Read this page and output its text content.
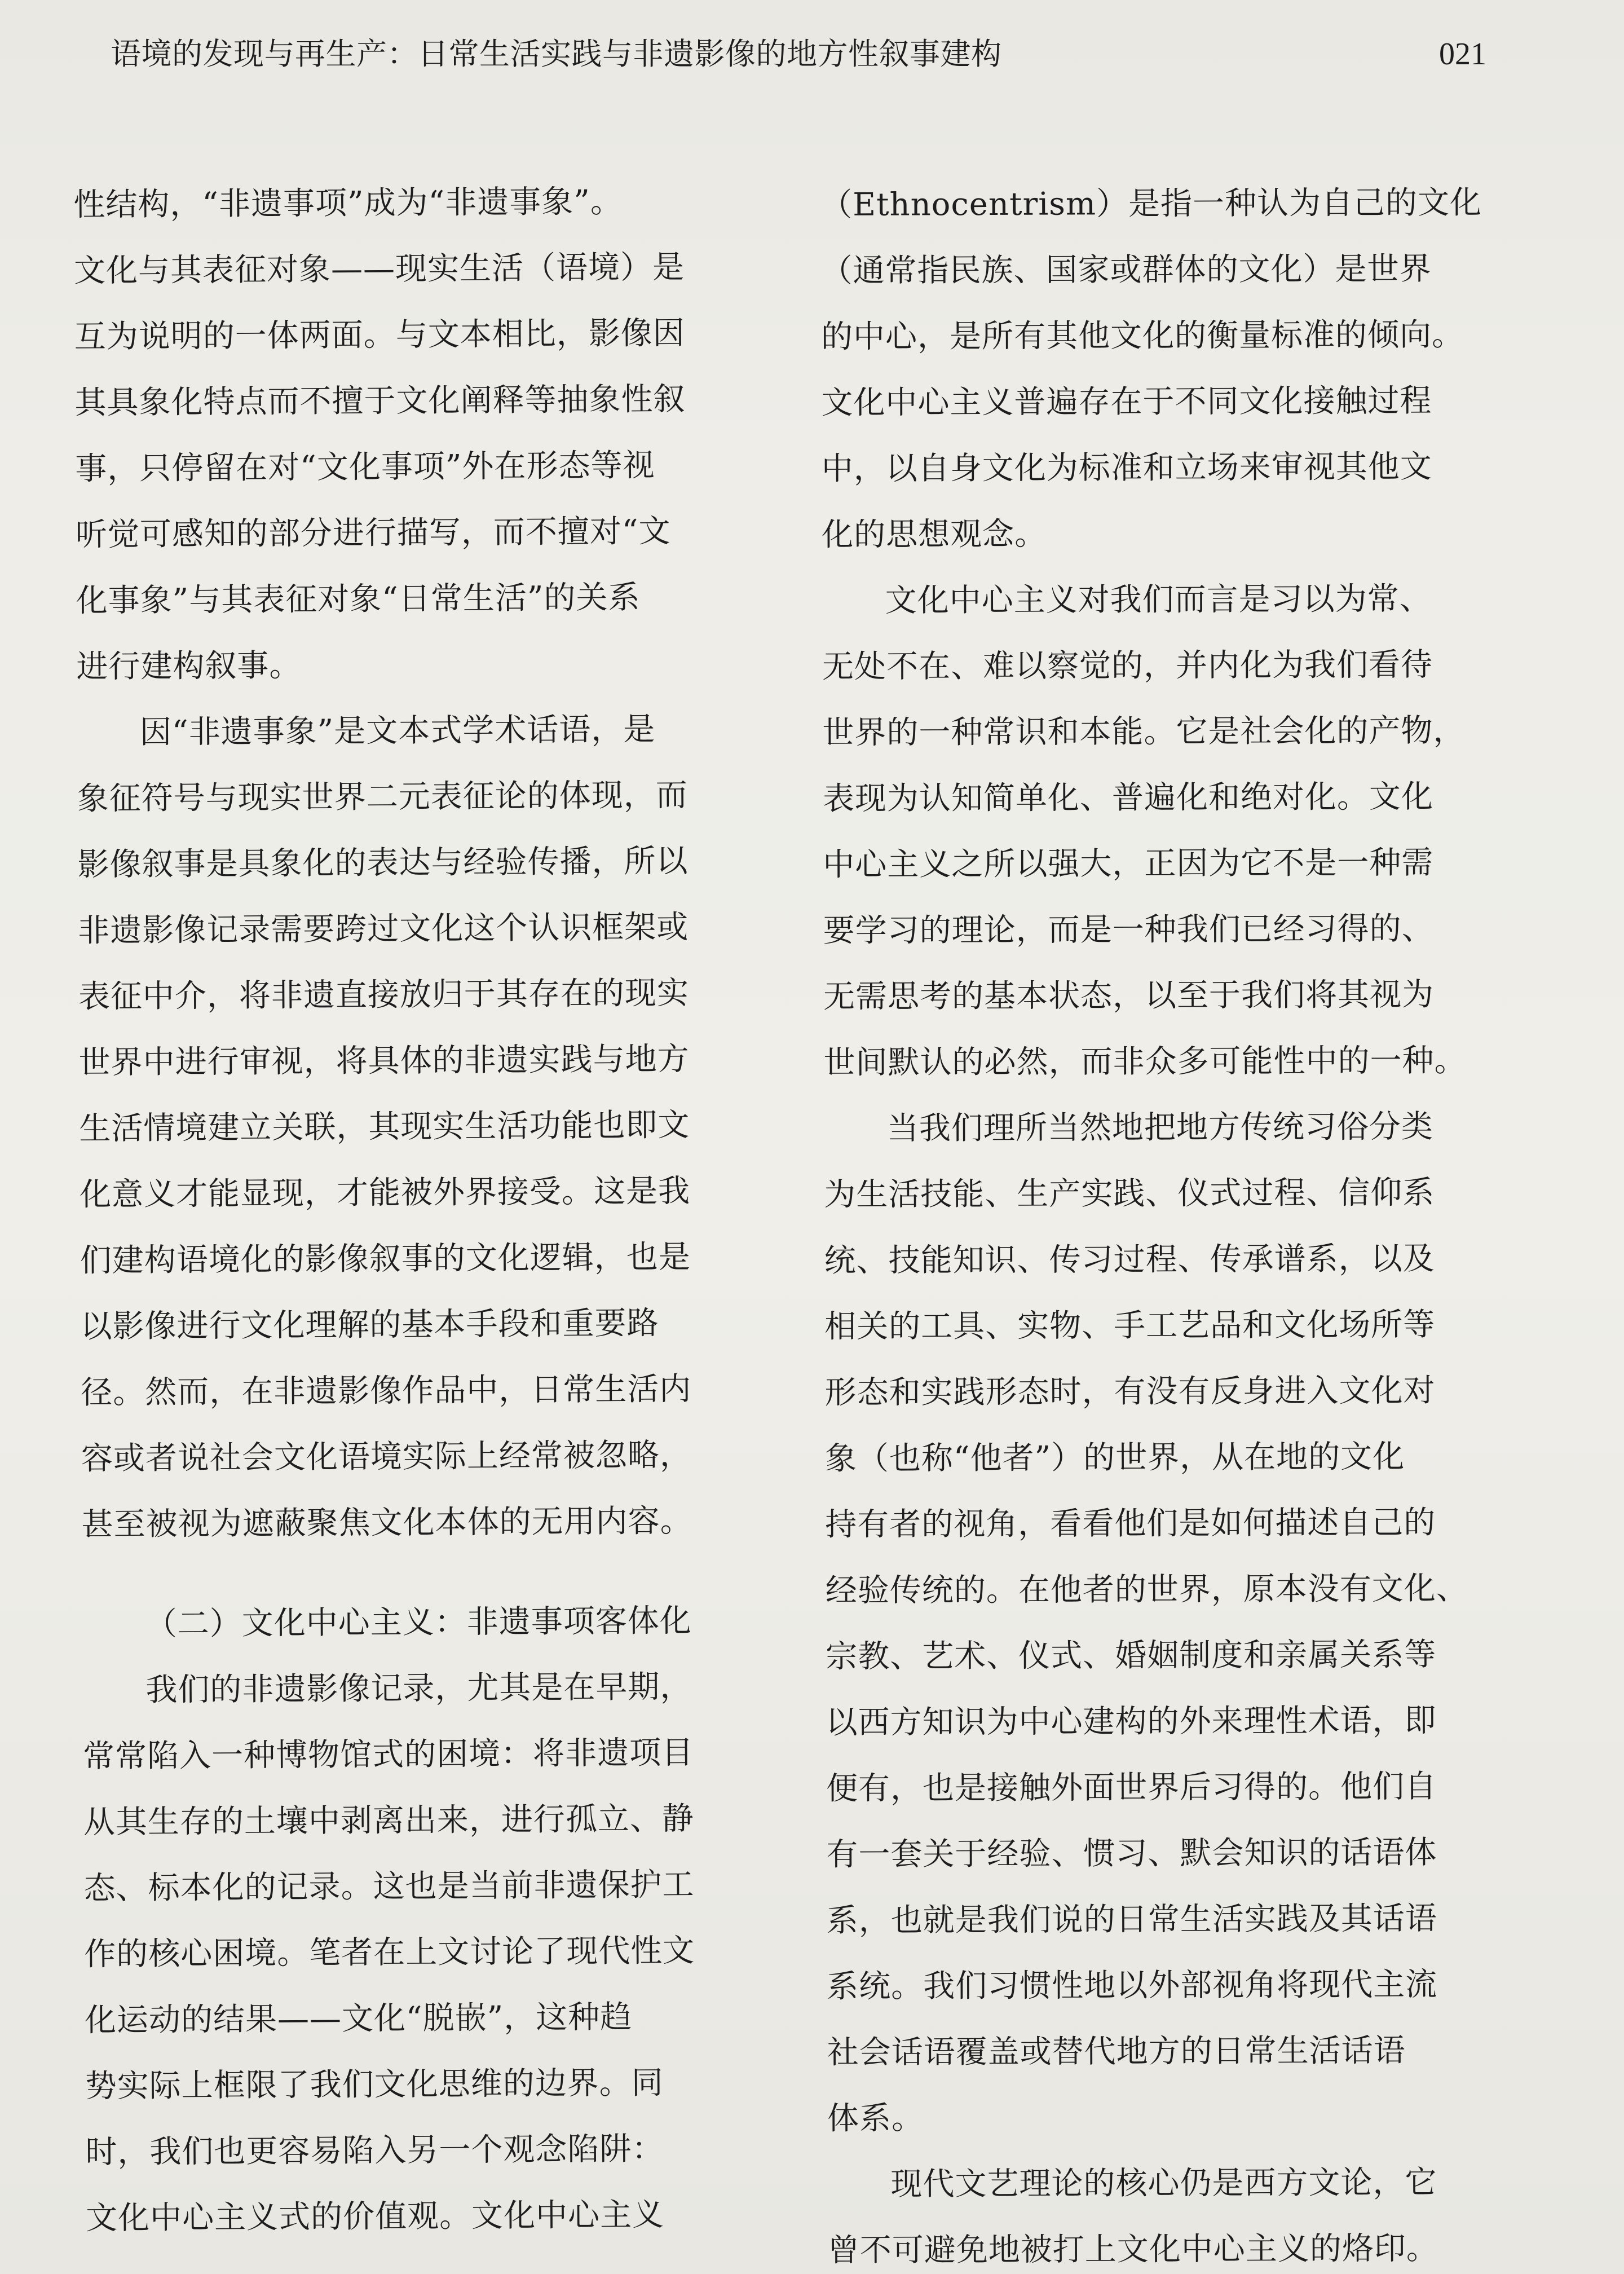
语境的发现与再生产：日常生活实践与非遗影像的地方性叙事建构	021
性结构，“非遗事项”成为“非遗事象”。
文化与其表征对象——现实生活（语境）是
互为说明的一体两面。与文本相比，影像因
其具象化特点而不擅于文化阐释等抽象性叙
事，只停留在对“文化事项”外在形态等视
听觉可感知的部分进行描写，而不擅对“文
化事象”与其表征对象“日常生活”的关系
进行建构叙事。
因“非遗事象”是文本式学术话语，是
象征符号与现实世界二元表征论的体现，而
影像叙事是具象化的表达与经验传播，所以
非遗影像记录需要跨过文化这个认识框架或
表征中介，将非遗直接放归于其存在的现实
世界中进行审视，将具体的非遗实践与地方
生活情境建立关联，其现实生活功能也即文
化意义才能显现，才能被外界接受。这是我
们建构语境化的影像叙事的文化逻辑，也是
以影像进行文化理解的基本手段和重要路
径。然而，在非遗影像作品中，日常生活内
容或者说社会文化语境实际上经常被忽略，
甚至被视为遮蔽聚焦文化本体的无用内容。
（二）文化中心主义：非遗事项客体化
我们的非遗影像记录，尤其是在早期，
常常陷入一种博物馆式的困境：将非遗项目
从其生存的土壤中剥离出来，进行孤立、静
态、标本化的记录。这也是当前非遗保护工
作的核心困境。笔者在上文讨论了现代性文
化运动的结果——文化“脱嵌”，这种趋
势实际上框限了我们文化思维的边界。同
时，我们也更容易陷入另一个观念陷阱：
文化中心主义式的价值观。文化中心主义
（Ethnocentrism）是指一种认为自己的文化
（通常指民族、国家或群体的文化）是世界
的中心，是所有其他文化的衡量标准的倾向。
文化中心主义普遍存在于不同文化接触过程
中，以自身文化为标准和立场来审视其他文
化的思想观念。
文化中心主义对我们而言是习以为常、
无处不在、难以察觉的，并内化为我们看待
世界的一种常识和本能。它是社会化的产物，
表现为认知简单化、普遍化和绝对化。文化
中心主义之所以强大，正因为它不是一种需
要学习的理论，而是一种我们已经习得的、
无需思考的基本状态，以至于我们将其视为
世间默认的必然，而非众多可能性中的一种。
当我们理所当然地把地方传统习俗分类
为生活技能、生产实践、仪式过程、信仰系
统、技能知识、传习过程、传承谱系，以及
相关的工具、实物、手工艺品和文化场所等
形态和实践形态时，有没有反身进入文化对
象（也称“他者”）的世界，从在地的文化
持有者的视角，看看他们是如何描述自己的
经验传统的。在他者的世界，原本没有文化、
宗教、艺术、仪式、婚姻制度和亲属关系等
以西方知识为中心建构的外来理性术语，即
便有，也是接触外面世界后习得的。他们自
有一套关于经验、惯习、默会知识的话语体
系，也就是我们说的日常生活实践及其话语
系统。我们习惯性地以外部视角将现代主流
社会话语覆盖或替代地方的日常生活话语
体系。
现代文艺理论的核心仍是西方文论，它
曾不可避免地被打上文化中心主义的烙印。
